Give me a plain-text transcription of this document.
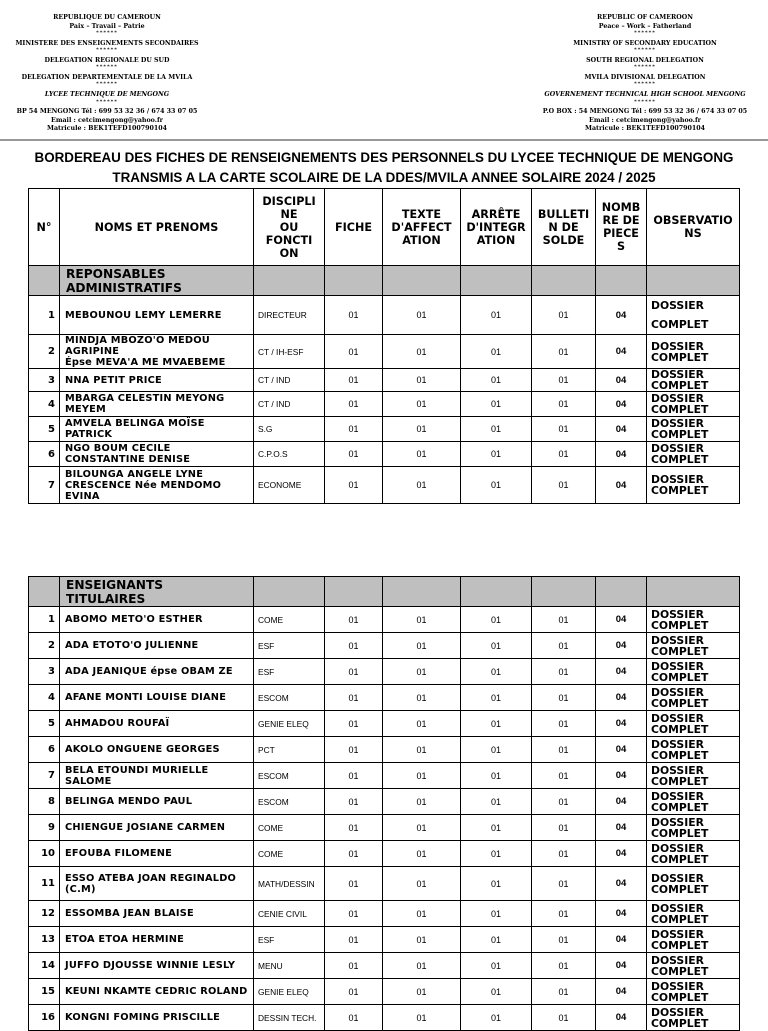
REPUBLIQUE DU CAMEROUN
Paix – Travail – Patrie
******
MINISTERE DES ENSEIGNEMENTS SECONDAIRES
******
DELEGATION REGIONALE DU SUD
******
DELEGATION DEPARTEMENTALE DE LA MVILA
******
LYCEE TECHNIQUE DE MENGONG
******
BP 54 MENGONG Tél : 699 53 32 36 / 674 33 07 05
Email : cetcimengong@yahoo.fr
Matricule : BEK1TEFD100790104
REPUBLIC OF CAMEROON
Peace – Work – Fatherland
******
MINISTRY OF SECONDARY EDUCATION
******
SOUTH REGIONAL DELEGATION
******
MVILA DIVISIONAL DELEGATION
******
GOVERNEMENT TECHNICAL HIGH SCHOOL MENGONG
******
P.O BOX : 54 MENGONG Tél : 699 53 32 36 / 674 33 07 05
Email : cetcimengong@yahoo.fr
Matricule : BEK1TEFD100790104
BORDEREAU DES FICHES DE RENSEIGNEMENTS DES PERSONNELS DU LYCEE TECHNIQUE DE MENGONG
TRANSMIS A LA CARTE SCOLAIRE DE LA DDES/MVILA ANNEE SOLAIRE 2024 / 2025
N°	NOMS ET PRENOMS	DISCIPLI
NE
OU
FONCTI
ON	FICHE	TEXTE
D'AFFECT
ATION	ARRÊTE
D'INTEGR
ATION	BULLETI
N DE
SOLDE	NOMB
RE DE
PIECE
S	OBSERVATIO
NS

	REPONSABLES
ADMINISTRATIFS							

1	MEBOUNOU LEMY LEMERRE	DIRECTEUR	01	01	01	01	04	DOSSIER
COMPLET

2	MINDJA MBOZO'O MEDOU
AGRIPINE
Épse MEVA'A ME MVAEBEME	CT / IH-ESF	01	01	01	01	04	DOSSIER
COMPLET

3	NNA PETIT PRICE	CT / IND	01	01	01	01	04	DOSSIER
COMPLET

4	MBARGA CELESTIN MEYONG
MEYEM	CT / IND	01	01	01	01	04	DOSSIER
COMPLET

5	AMVELA BELINGA MOÏSE
PATRICK	S.G	01	01	01	01	04	DOSSIER
COMPLET

6	NGO BOUM CECILE
CONSTANTINE DENISE	C.P.O.S	01	01	01	01	04	DOSSIER
COMPLET

7	BILOUNGA ANGELE LYNE
CRESCENCE Née MENDOMO
EVINA	ECONOME	01	01	01	01	04	DOSSIER
COMPLET

	ENSEIGNANTS
TITULAIRES							

1	ABOMO METO'O ESTHER	COME	01	01	01	01	04	DOSSIER
COMPLET

2	ADA ETOTO'O JULIENNE	ESF	01	01	01	01	04	DOSSIER
COMPLET

3	ADA JEANIQUE épse OBAM ZE	ESF	01	01	01	01	04	DOSSIER
COMPLET

4	AFANE MONTI LOUISE DIANE	ESCOM	01	01	01	01	04	DOSSIER
COMPLET

5	AHMADOU ROUFAÏ	GENIE ELEQ	01	01	01	01	04	DOSSIER
COMPLET

6	AKOLO ONGUENE GEORGES	PCT	01	01	01	01	04	DOSSIER
COMPLET

7	BELA ETOUNDI MURIELLE
SALOME	ESCOM	01	01	01	01	04	DOSSIER
COMPLET

8	BELINGA MENDO PAUL	ESCOM	01	01	01	01	04	DOSSIER
COMPLET

9	CHIENGUE JOSIANE CARMEN	COME	01	01	01	01	04	DOSSIER
COMPLET

10	EFOUBA FILOMENE	COME	01	01	01	01	04	DOSSIER
COMPLET

11	ESSO ATEBA JOAN REGINALDO
(C.M)	MATH/DESSIN	01	01	01	01	04	DOSSIER
COMPLET

12	ESSOMBA JEAN BLAISE	CENIE CIVIL	01	01	01	01	04	DOSSIER
COMPLET

13	ETOA ETOA HERMINE	ESF	01	01	01	01	04	DOSSIER
COMPLET

14	JUFFO DJOUSSE WINNIE LESLY	MENU	01	01	01	01	04	DOSSIER
COMPLET

15	KEUNI NKAMTE CEDRIC ROLAND	GENIE ELEQ	01	01	01	01	04	DOSSIER
COMPLET

16	KONGNI FOMING PRISCILLE	DESSIN TECH.	01	01	01	01	04	DOSSIER
COMPLET
